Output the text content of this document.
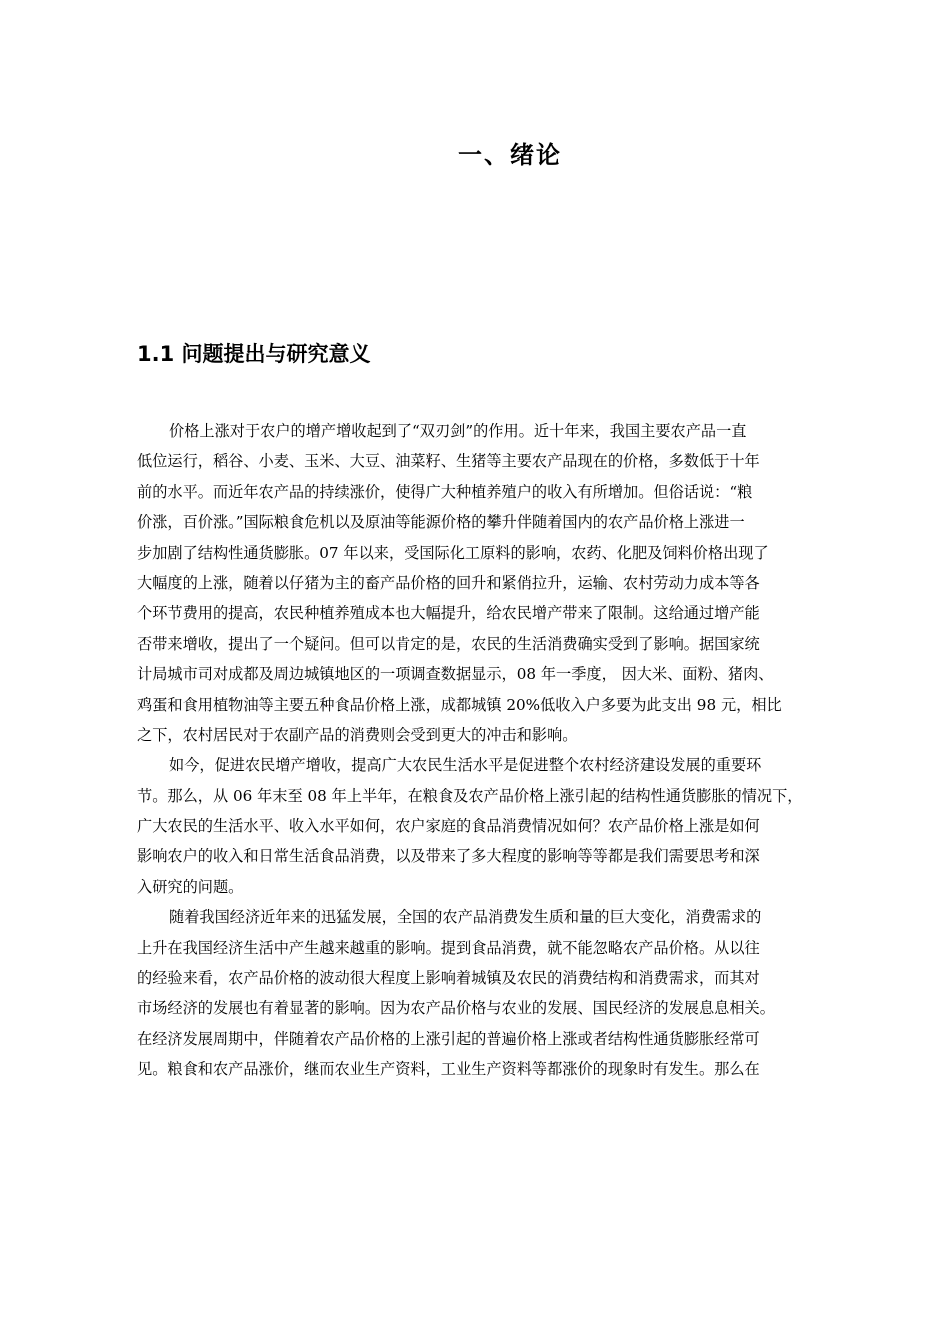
一、绪论
1.1 问题提出与研究意义
价格上涨对于农户的增产增收起到了“双刃剑”的作用。近十年来，我国主要农产品一直
低位运行，稻谷、小麦、玉米、大豆、油菜籽、生猪等主要农产品现在的价格，多数低于十年
前的水平。而近年农产品的持续涨价，使得广大种植养殖户的收入有所增加。但俗话说：“粮
价涨，百价涨。”国际粮食危机以及原油等能源价格的攀升伴随着国内的农产品价格上涨进一
步加剧了结构性通货膨胀。07 年以来，受国际化工原料的影响，农药、化肥及饲料价格出现了
大幅度的上涨，随着以仔猪为主的畜产品价格的回升和紧俏拉升，运输、农村劳动力成本等各
个环节费用的提高，农民种植养殖成本也大幅提升，给农民增产带来了限制。这给通过增产能
否带来增收，提出了一个疑问。但可以肯定的是，农民的生活消费确实受到了影响。据国家统
计局城市司对成都及周边城镇地区的一项调查数据显示，08 年一季度， 因大米、面粉、猪肉、
鸡蛋和食用植物油等主要五种食品价格上涨，成都城镇 20%低收入户多要为此支出 98 元，相比
之下，农村居民对于农副产品的消费则会受到更大的冲击和影响。
如今，促进农民增产增收，提高广大农民生活水平是促进整个农村经济建设发展的重要环
节。那么，从 06 年末至 08 年上半年，在粮食及农产品价格上涨引起的结构性通货膨胀的情况下，
广大农民的生活水平、收入水平如何，农户家庭的食品消费情况如何？农产品价格上涨是如何
影响农户的收入和日常生活食品消费，以及带来了多大程度的影响等等都是我们需要思考和深
入研究的问题。
随着我国经济近年来的迅猛发展，全国的农产品消费发生质和量的巨大变化，消费需求的
上升在我国经济生活中产生越来越重的影响。提到食品消费，就不能忽略农产品价格。从以往
的经验来看，农产品价格的波动很大程度上影响着城镇及农民的消费结构和消费需求，而其对
市场经济的发展也有着显著的影响。因为农产品价格与农业的发展、国民经济的发展息息相关。
在经济发展周期中，伴随着农产品价格的上涨引起的普遍价格上涨或者结构性通货膨胀经常可
见。粮食和农产品涨价，继而农业生产资料，工业生产资料等都涨价的现象时有发生。那么在
